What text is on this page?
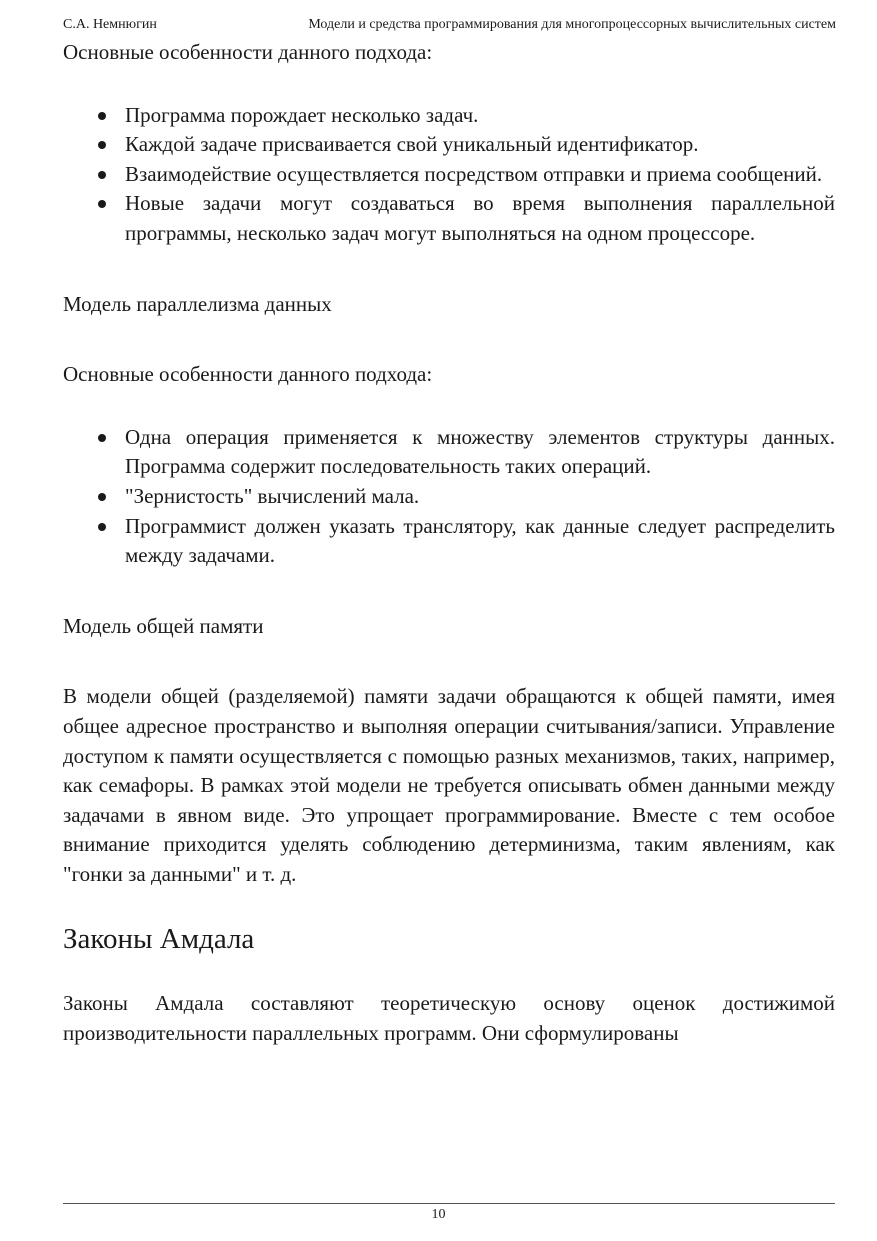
С.А. Немнюгин	Модели и средства программирования для многопроцессорных вычислительных систем

Основные особенности данного подхода:

Программа порождает несколько задач.
Каждой задаче присваивается свой уникальный идентификатор.
Взаимодействие осуществляется посредством отправки и приема сообщений.
Новые задачи могут создаваться во время выполнения параллельной программы, несколько задач могут выполняться на одном процессоре.

Модель параллелизма данных

Основные особенности данного подхода:

Одна операция применяется к множеству элементов структуры данных. Программа содержит последовательность таких операций.
"Зернистость" вычислений мала.
Программист должен указать транслятору, как данные следует распределить между задачами.

Модель общей памяти

В модели общей (разделяемой) памяти задачи обращаются к общей памяти, имея общее адресное пространство и выполняя операции считывания/записи. Управление доступом к памяти осуществляется с помощью разных механизмов, таких, например, как семафоры. В рамках этой модели не требуется описывать обмен данными между задачами в явном виде. Это упрощает программирование. Вместе с тем особое внимание приходится уделять соблюдению детерминизма, таким явлениям, как "гонки за данными" и т. д.

Законы Амдала

Законы Амдала составляют теоретическую основу оценок достижимой производительности параллельных программ. Они сформулированы

10
